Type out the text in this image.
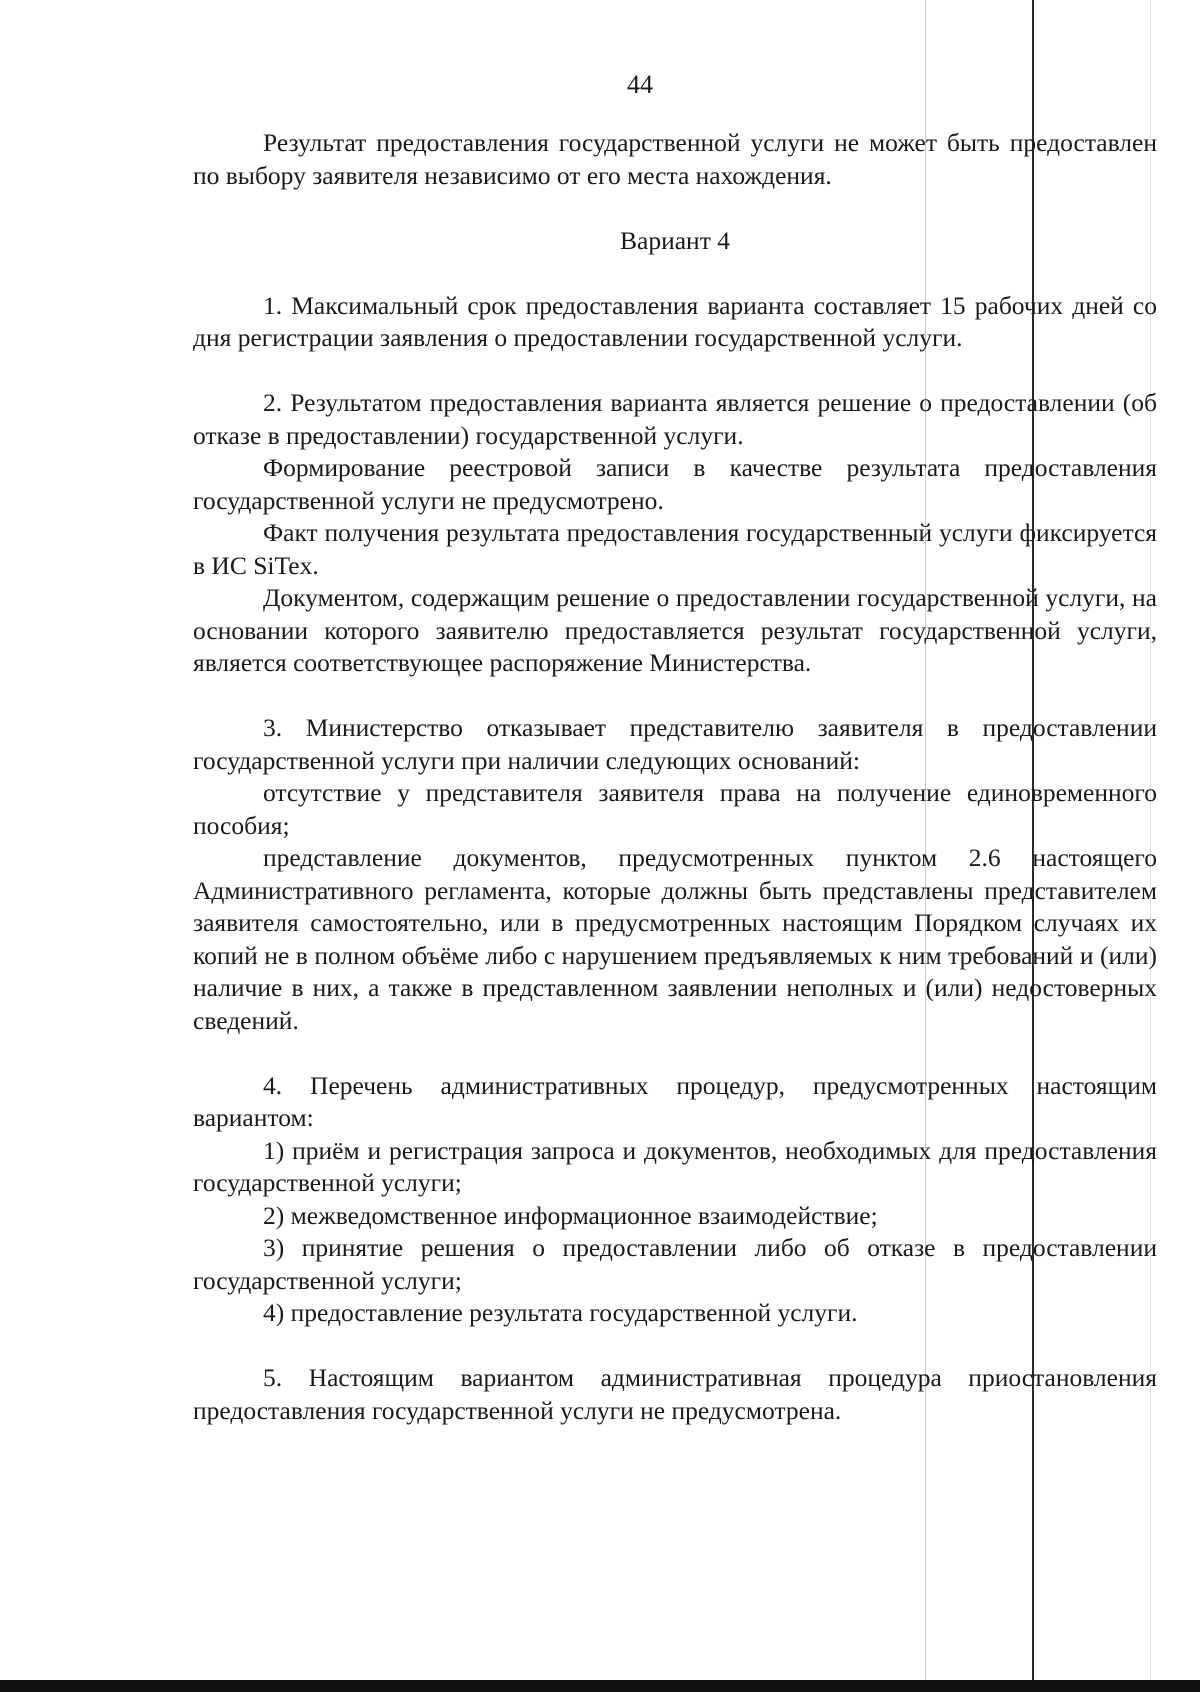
44

Результат предоставления государственной услуги не может быть предоставлен по выбору заявителя независимо от его места нахождения.

Вариант 4

1. Максимальный срок предоставления варианта составляет 15 рабочих дней со дня регистрации заявления о предоставлении государственной услуги.

2. Результатом предоставления варианта является решение о предоставлении (об отказе в предоставлении) государственной услуги.

Формирование реестровой записи в качестве результата предоставления государственной услуги не предусмотрено.

Факт получения результата предоставления государственный услуги фиксируется в ИС SiTex.

Документом, содержащим решение о предоставлении государственной услуги, на основании которого заявителю предоставляется результат государственной услуги, является соответствующее распоряжение Министерства.

3. Министерство отказывает представителю заявителя в предоставлении государственной услуги при наличии следующих оснований:

отсутствие у представителя заявителя права на получение единовременного пособия;

представление документов, предусмотренных пунктом 2.6 настоящего Административного регламента, которые должны быть представлены представителем заявителя самостоятельно, или в предусмотренных настоящим Порядком случаях их копий не в полном объёме либо с нарушением предъявляемых к ним требований и (или) наличие в них, а также в представленном заявлении неполных и (или) недостоверных сведений.

4. Перечень административных процедур, предусмотренных настоящим вариантом:

1) приём и регистрация запроса и документов, необходимых для предоставления государственной услуги;

2) межведомственное информационное взаимодействие;

3) принятие решения о предоставлении либо об отказе в предоставлении государственной услуги;

4) предоставление результата государственной услуги.

5. Настоящим вариантом административная процедура приостановления предоставления государственной услуги не предусмотрена.
